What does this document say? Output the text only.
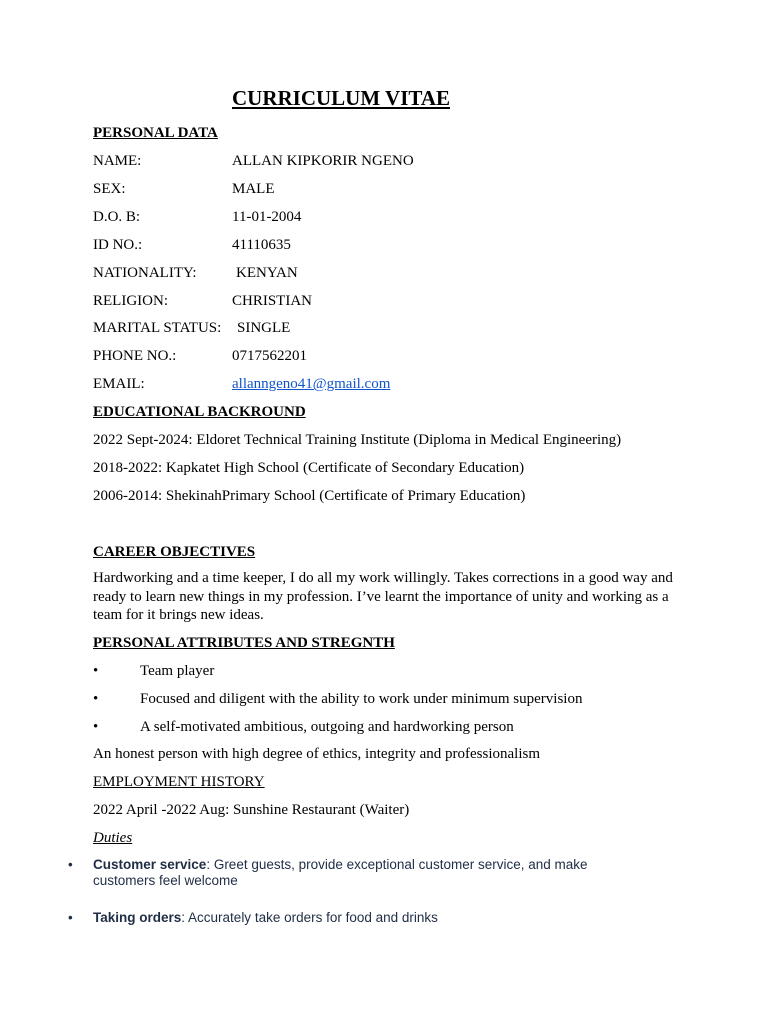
CURRICULUM VITAE
PERSONAL DATA
NAME:	ALLAN KIPKORIR NGENO
SEX:	MALE
D.O. B:	11-01-2004
ID NO.:	41110635
NATIONALITY:	KENYAN
RELIGION:	CHRISTIAN
MARITAL STATUS: SINGLE
PHONE NO.:	0717562201
EMAIL:	allanngeno41@gmail.com
EDUCATIONAL BACKROUND
2022 Sept-2024: Eldoret Technical Training Institute (Diploma in Medical Engineering)
2018-2022: Kapkatet High School (Certificate of Secondary Education)
2006-2014: ShekinahPrimary School (Certificate of Primary Education)
CAREER OBJECTIVES
Hardworking and a time keeper, I do all my work willingly. Takes corrections in a good way and ready to learn new things in my profession. I’ve learnt the importance of unity and working as a team for it brings new ideas.
PERSONAL ATTRIBUTES AND STREGNTH
•	Team player
•	Focused and diligent with the ability to work under minimum supervision
•	A self-motivated ambitious, outgoing and hardworking person
An honest person with high degree of ethics, integrity and professionalism
EMPLOYMENT HISTORY
2022 April -2022 Aug: Sunshine Restaurant (Waiter)
Duties
• Customer service: Greet guests, provide exceptional customer service, and make customers feel welcome
• Taking orders: Accurately take orders for food and drinks
